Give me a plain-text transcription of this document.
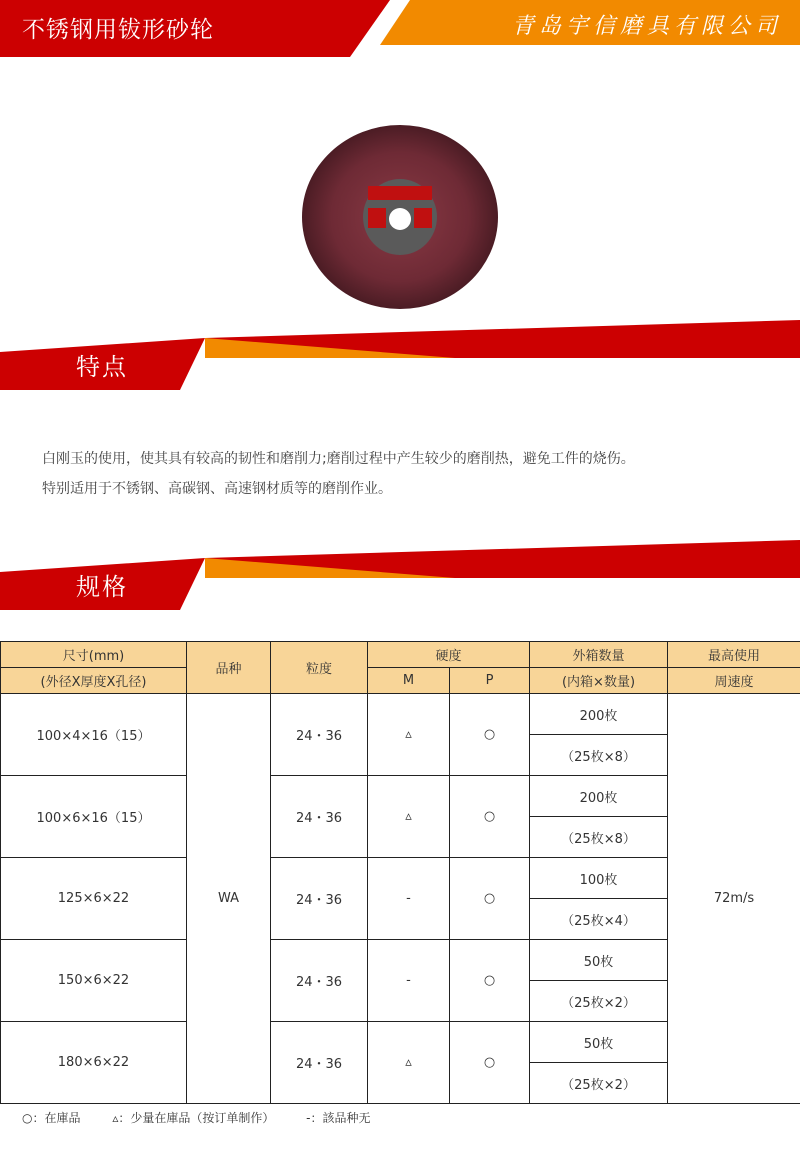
不锈钢用钹形砂轮	青岛宇信磨具有限公司
特点
白刚玉的使用，使其具有较高的韧性和磨削力;磨削过程中产生较少的磨削热，避免工件的烧伤。
特别适用于不锈钢、高碳钢、高速钢材质等的磨削作业。
规格
尺寸(mm)	品种	粒度	硬度		外箱数量	最高使用
(外径X厚度X孔径)			M	P	(内箱×数量)	周速度
100×4×16（15）	WA	24・36	▵	○	200枚	72m/s
					（25枚×8）	
100×6×16（15）		24・36	▵	○	200枚	
					（25枚×8）	
125×6×22		24・36	-	○	100枚	
					（25枚×4）	
150×6×22		24・36	-	○	50枚	
					（25枚×2）	
180×6×22		24・36	▵	○	50枚	
					（25枚×2）	
○：在庫品	▵：少量在庫品（按订单制作）	-：該品种无
